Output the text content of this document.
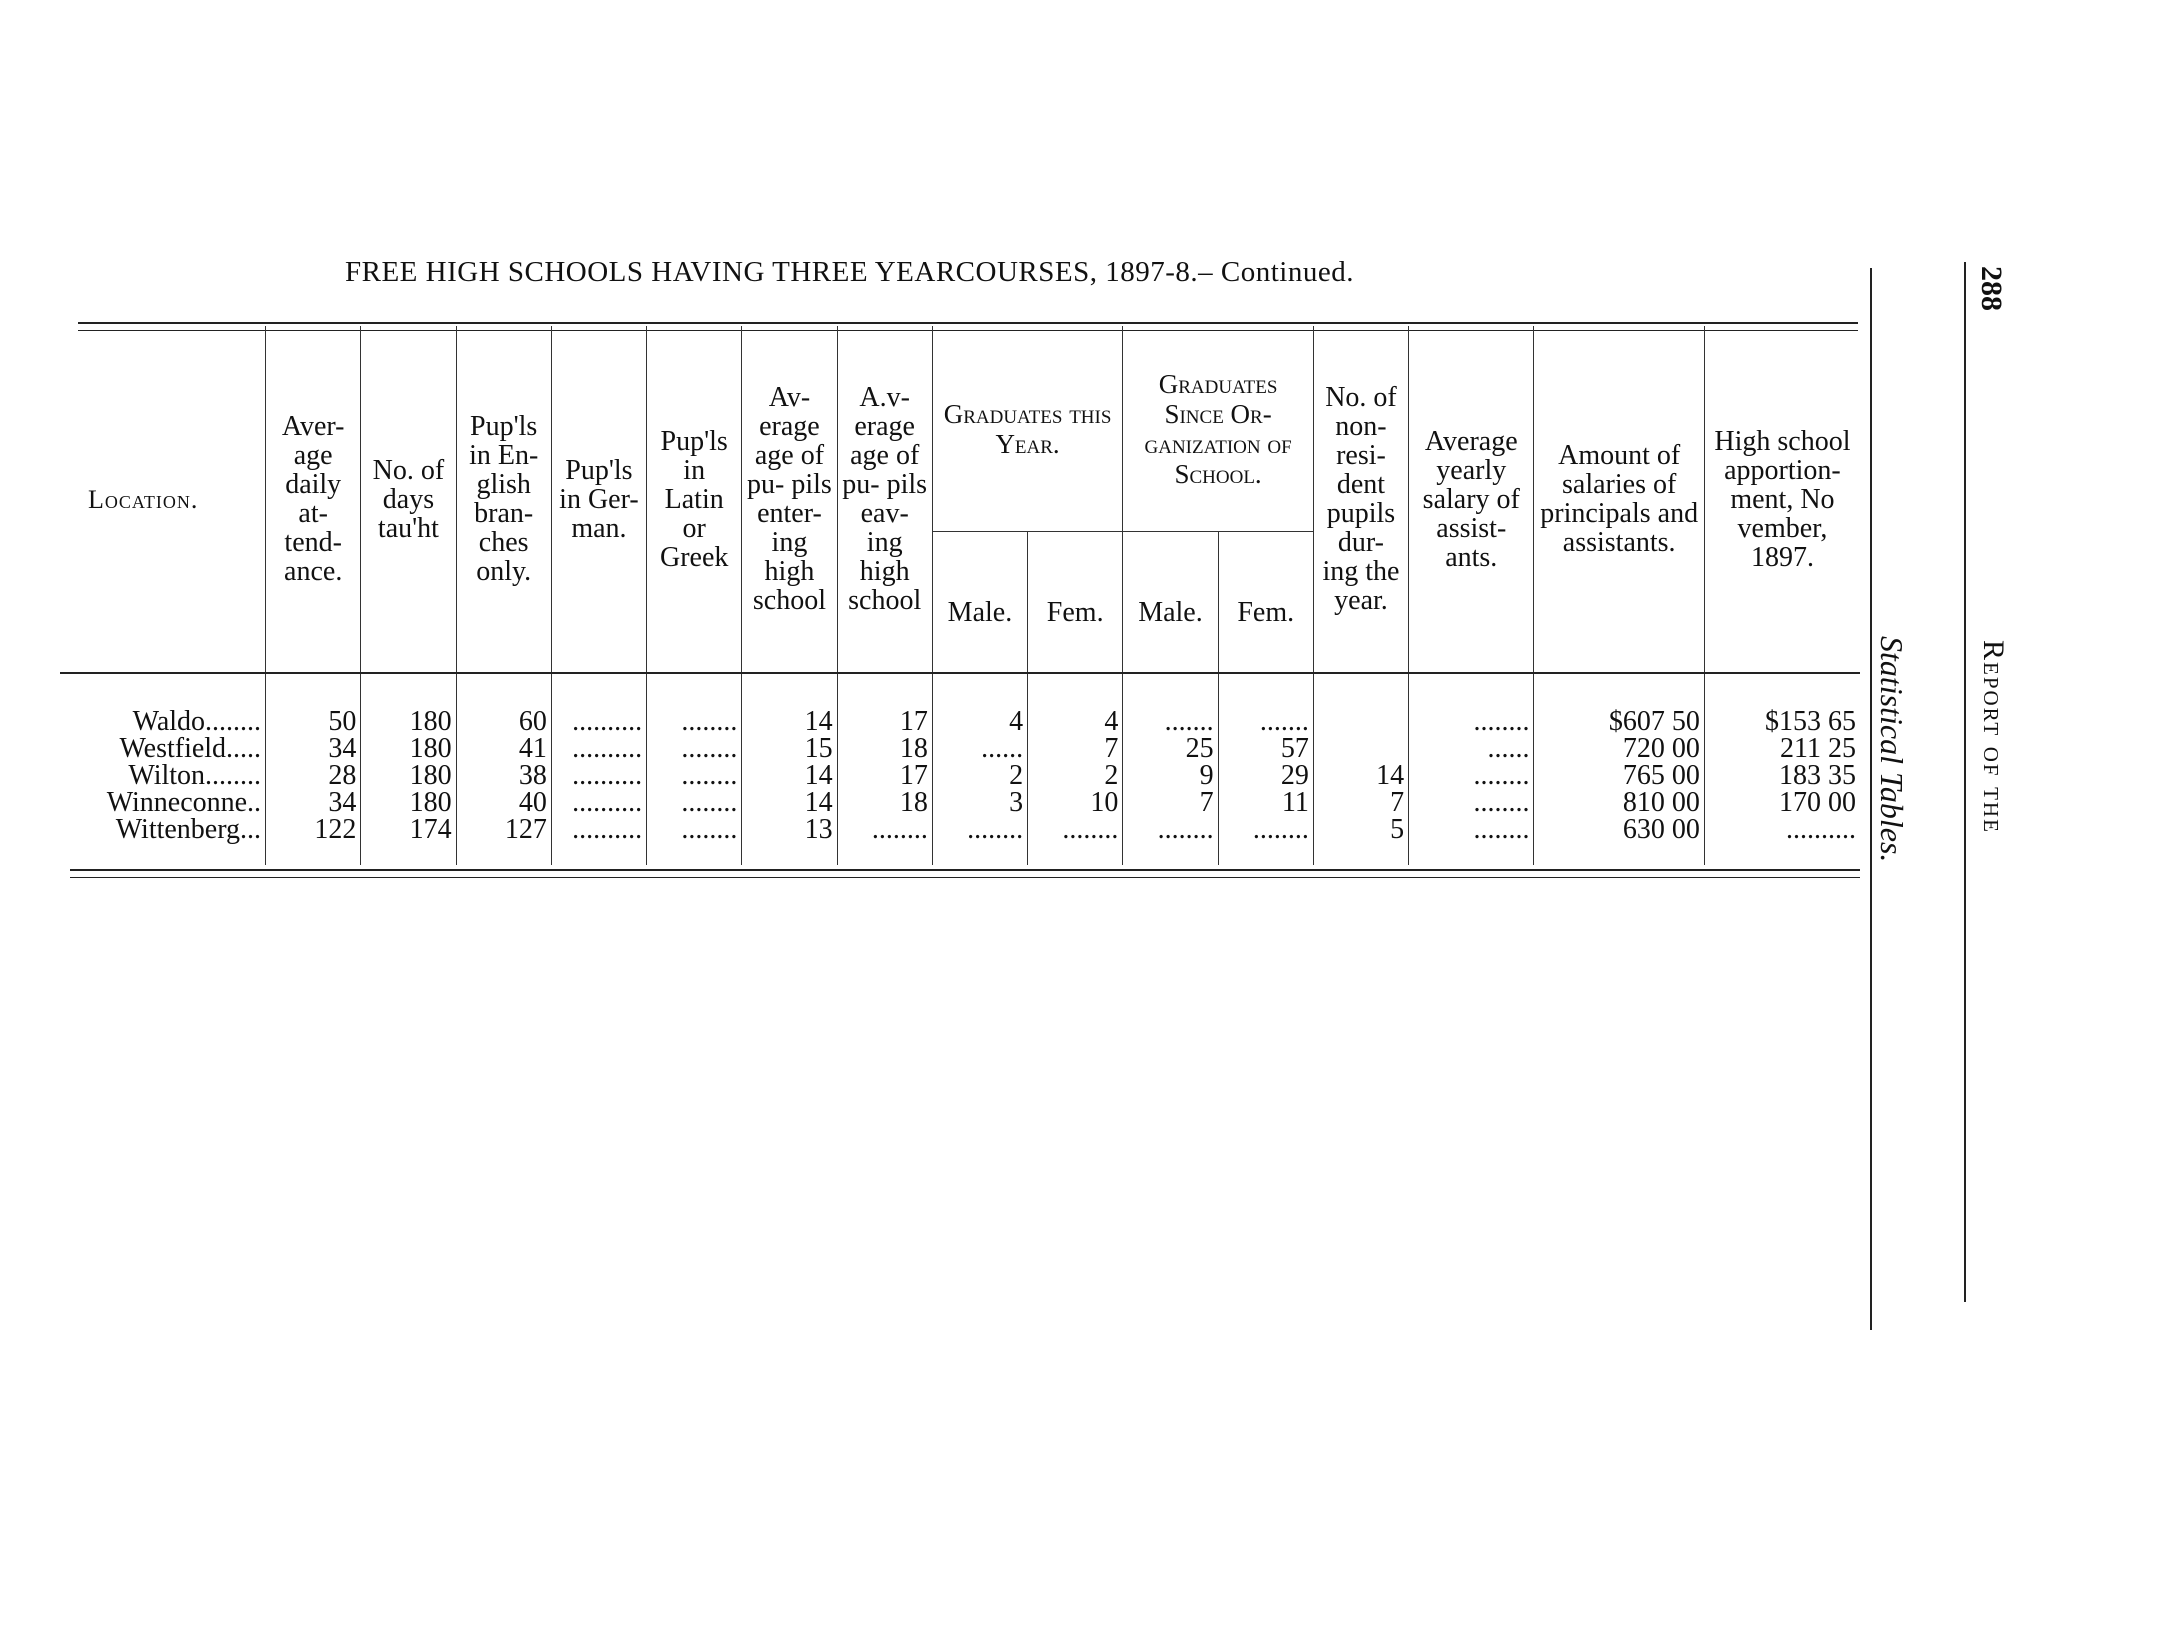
FREE HIGH SCHOOLS HAVING THREE YEARCOURSES, 1897-8.– Continued.
Location.	Aver- age daily at- tend- ance.	No. of days tau'ht	Pup'ls in En- glish bran- ches only.	Pup'ls in Ger- man.	Pup'ls in Latin or Greek	Av- erage age of pu- pils enter- ing high school	A.v- erage age of pu- pils eav- ing high school	Graduates this Year.		Graduates Since Or- ganization of School.		No. of non- resi- dent pupils dur- ing the year.	Average yearly salary of assist- ants.	Amount of salaries of principals and assistants.	High school apportion- ment, No vember, 1897.
								Male.	Fem.	Male.	Fem.				
Waldo........	50	180	60	..........	........	14	17	4	4	.......	.......		........	$607 50	$153 65
Westfield.....	34	180	41	..........	........	15	18	......	7	25	57		......	720 00	211 25
Wilton........	28	180	38	..........	........	14	17	2	2	9	29	14	........	765 00	183 35
Winneconne..	34	180	40	..........	........	14	18	3	10	7	11	7	........	810 00	170 00
Wittenberg...	122	174	127	..........	........	13	........	........	........	........	........	5	........	630 00	.......... Statistical Tables.
288
Report of the
